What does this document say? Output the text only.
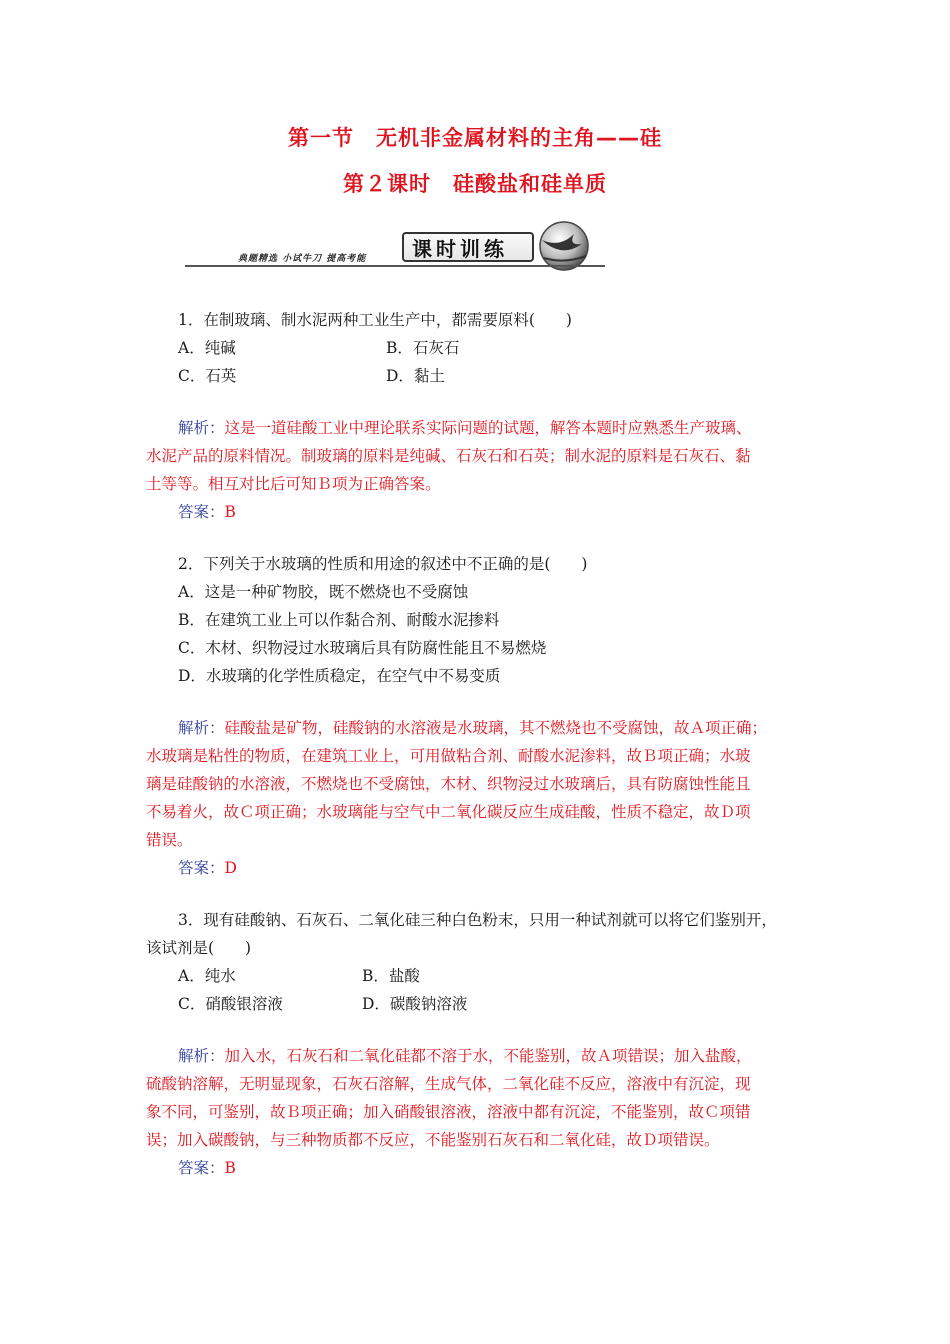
第一节　无机非金属材料的主角——硅
第２课时　硅酸盐和硅单质
典题精选 小试牛刀 提高考能	课时训练
1．在制玻璃、制水泥两种工业生产中，都需要原料(　　)
A．纯碱	B．石灰石
C．石英	D．黏土
解析：这是一道硅酸工业中理论联系实际问题的试题，解答本题时应熟悉生产玻璃、
水泥产品的原料情况。制玻璃的原料是纯碱、石灰石和石英；制水泥的原料是石灰石、黏
土等等。相互对比后可知Ｂ项为正确答案。
答案：B
2．下列关于水玻璃的性质和用途的叙述中不正确的是(　　)
A．这是一种矿物胶，既不燃烧也不受腐蚀
B．在建筑工业上可以作黏合剂、耐酸水泥掺料
C．木材、织物浸过水玻璃后具有防腐性能且不易燃烧
D．水玻璃的化学性质稳定，在空气中不易变质
解析：硅酸盐是矿物，硅酸钠的水溶液是水玻璃，其不燃烧也不受腐蚀，故Ａ项正确；
水玻璃是粘性的物质，在建筑工业上，可用做粘合剂、耐酸水泥渗料，故Ｂ项正确；水玻
璃是硅酸钠的水溶液，不燃烧也不受腐蚀，木材、织物浸过水玻璃后，具有防腐蚀性能且
不易着火，故Ｃ项正确；水玻璃能与空气中二氧化碳反应生成硅酸，性质不稳定，故Ｄ项
错误。
答案：D
3．现有硅酸钠、石灰石、二氧化硅三种白色粉末，只用一种试剂就可以将它们鉴别开，
该试剂是(　　)
A．纯水	B．盐酸
C．硝酸银溶液	D．碳酸钠溶液
解析：加入水，石灰石和二氧化硅都不溶于水，不能鉴别，故Ａ项错误；加入盐酸，
硫酸钠溶解，无明显现象，石灰石溶解，生成气体，二氧化硅不反应，溶液中有沉淀，现
象不同，可鉴别，故Ｂ项正确；加入硝酸银溶液，溶液中都有沉淀，不能鉴别，故Ｃ项错
误；加入碳酸钠，与三种物质都不反应，不能鉴别石灰石和二氧化硅，故Ｄ项错误。
答案：B
